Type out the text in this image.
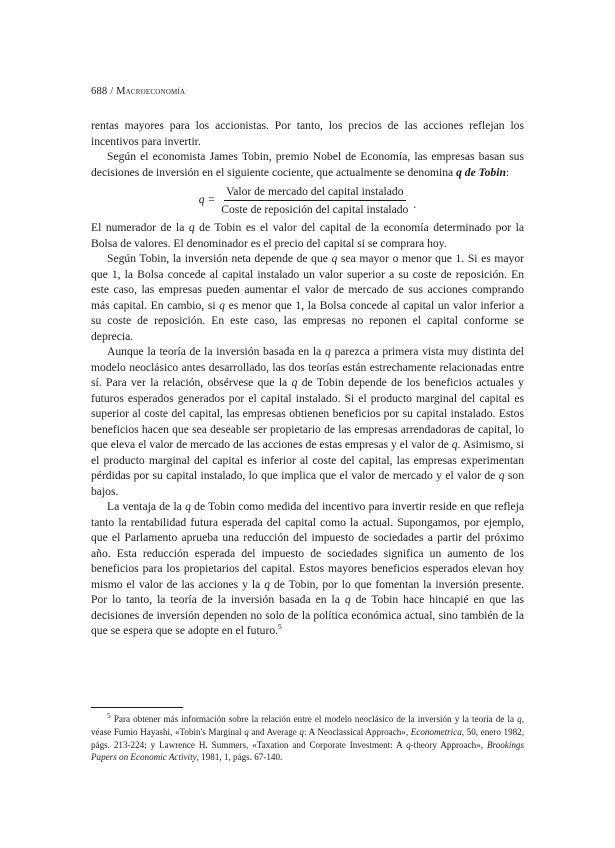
688 / Macroeconomía

rentas mayores para los accionistas. Por tanto, los precios de las acciones reflejan los incentivos para invertir.

Según el economista James Tobin, premio Nobel de Economía, las empresas basan sus decisiones de inversión en el siguiente cociente, que actualmente se denomina q de Tobin:

$q = \frac{\text{Valor de mercado del capital instalado}}{\text{Coste de reposición del capital instalado}}$ .

El numerador de la q de Tobin es el valor del capital de la economía determinado por la Bolsa de valores. El denominador es el precio del capital si se comprara hoy.

Según Tobin, la inversión neta depende de que q sea mayor o menor que 1. Si es mayor que 1, la Bolsa concede al capital instalado un valor superior a su coste de reposición. En este caso, las empresas pueden aumentar el valor de mercado de sus acciones comprando más capital. En cambio, si q es menor que 1, la Bolsa concede al capital un valor inferior a su coste de reposición. En este caso, las empresas no reponen el capital conforme se deprecia.

Aunque la teoría de la inversión basada en la q parezca a primera vista muy distinta del modelo neoclásico antes desarrollado, las dos teorías están estrechamente relacionadas entre sí. Para ver la relación, obsérvese que la q de Tobin depende de los beneficios actuales y futuros esperados generados por el capital instalado. Si el producto marginal del capital es superior al coste del capital, las empresas obtienen beneficios por su capital instalado. Estos beneficios hacen que sea deseable ser propietario de las empresas arrendadoras de capital, lo que eleva el valor de mercado de las acciones de estas empresas y el valor de q. Asimismo, si el producto marginal del capital es inferior al coste del capital, las empresas experimentan pérdidas por su capital instalado, lo que implica que el valor de mercado y el valor de q son bajos.

La ventaja de la q de Tobin como medida del incentivo para invertir reside en que refleja tanto la rentabilidad futura esperada del capital como la actual. Supongamos, por ejemplo, que el Parlamento aprueba una reducción del impuesto de sociedades a partir del próximo año. Esta reducción esperada del impuesto de sociedades significa un aumento de los beneficios para los propietarios del capital. Estos mayores beneficios esperados elevan hoy mismo el valor de las acciones y la q de Tobin, por lo que fomentan la inversión presente. Por lo tanto, la teoría de la inversión basada en la q de Tobin hace hincapié en que las decisiones de inversión dependen no solo de la política económica actual, sino también de la que se espera que se adopte en el futuro.$^5$

$^5$ Para obtener más información sobre la relación entre el modelo neoclásico de la inversión y la teoría de la q, véase Fumio Hayashi, «Tobin's Marginal q and Average q: A Neoclassical Approach», Econometrica, 50, enero 1982, págs. 213-224; y Lawrence H. Summers, «Taxation and Corporate Investment: A q-theory Approach», Brookings Papers on Economic Activity, 1981, 1, págs. 67-140.
